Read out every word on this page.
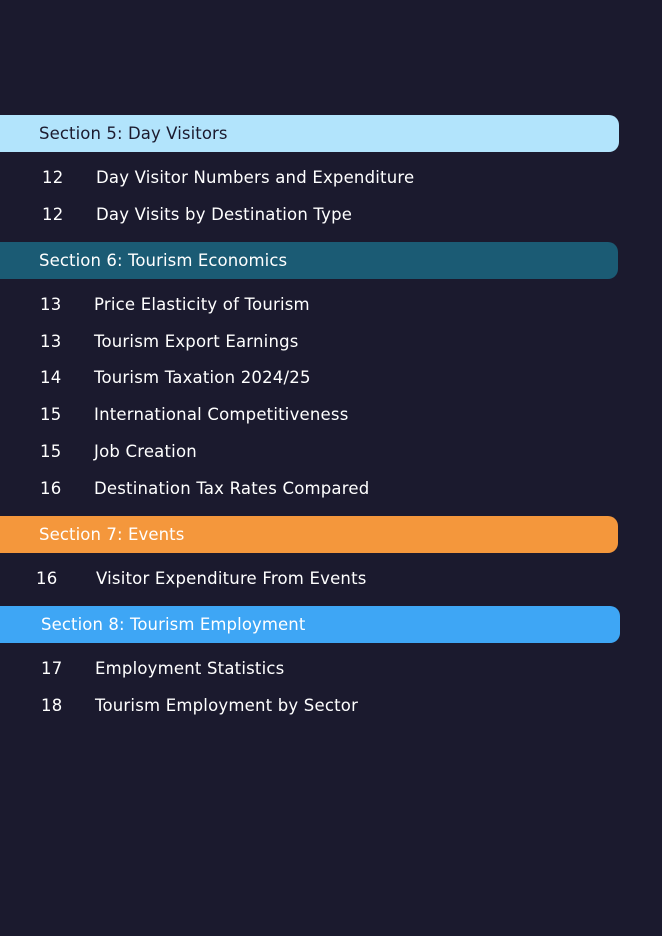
Section 5: Day Visitors
12 Day Visitor Numbers and Expenditure
12 Day Visits by Destination Type
Section 6: Tourism Economics
13 Price Elasticity of Tourism
13 Tourism Export Earnings
14 Tourism Taxation 2024/25
15 International Competitiveness
15 Job Creation
16 Destination Tax Rates Compared
Section 7: Events
16 Visitor Expenditure From Events
Section 8: Tourism Employment
17 Employment Statistics
18 Tourism Employment by Sector
